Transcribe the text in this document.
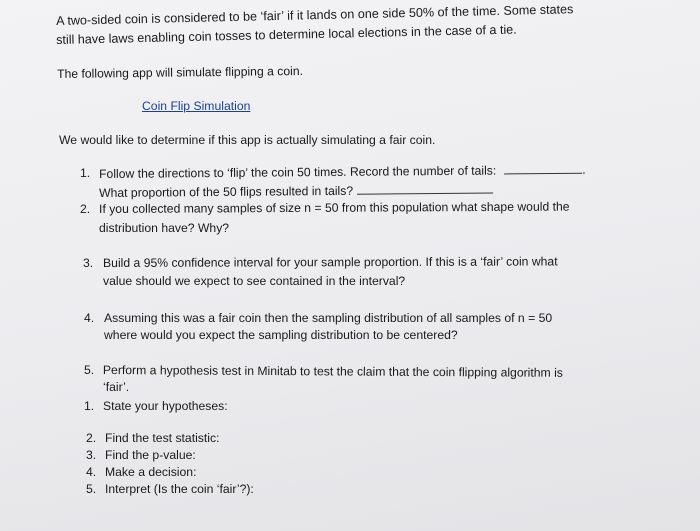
A two-sided coin is considered to be ‘fair’ if it lands on one side 50% of the time. Some states
still have laws enabling coin tosses to determine local elections in the case of a tie.
The following app will simulate flipping a coin.
Coin Flip Simulation
We would like to determine if this app is actually simulating a fair coin.
1. Follow the directions to ‘flip’ the coin 50 times. Record the number of tails:	.
What proportion of the 50 flips resulted in tails?
2. If you collected many samples of size n = 50 from this population what shape would the
distribution have? Why?
3. Build a 95% confidence interval for your sample proportion. If this is a ‘fair’ coin what
value should we expect to see contained in the interval?
4. Assuming this was a fair coin then the sampling distribution of all samples of n = 50
where would you expect the sampling distribution to be centered?
5. Perform a hypothesis test in Minitab to test the claim that the coin flipping algorithm is
‘fair’.
1. State your hypotheses:
2. Find the test statistic:
3. Find the p-value:
4. Make a decision:
5. Interpret (Is the coin ‘fair’?):
